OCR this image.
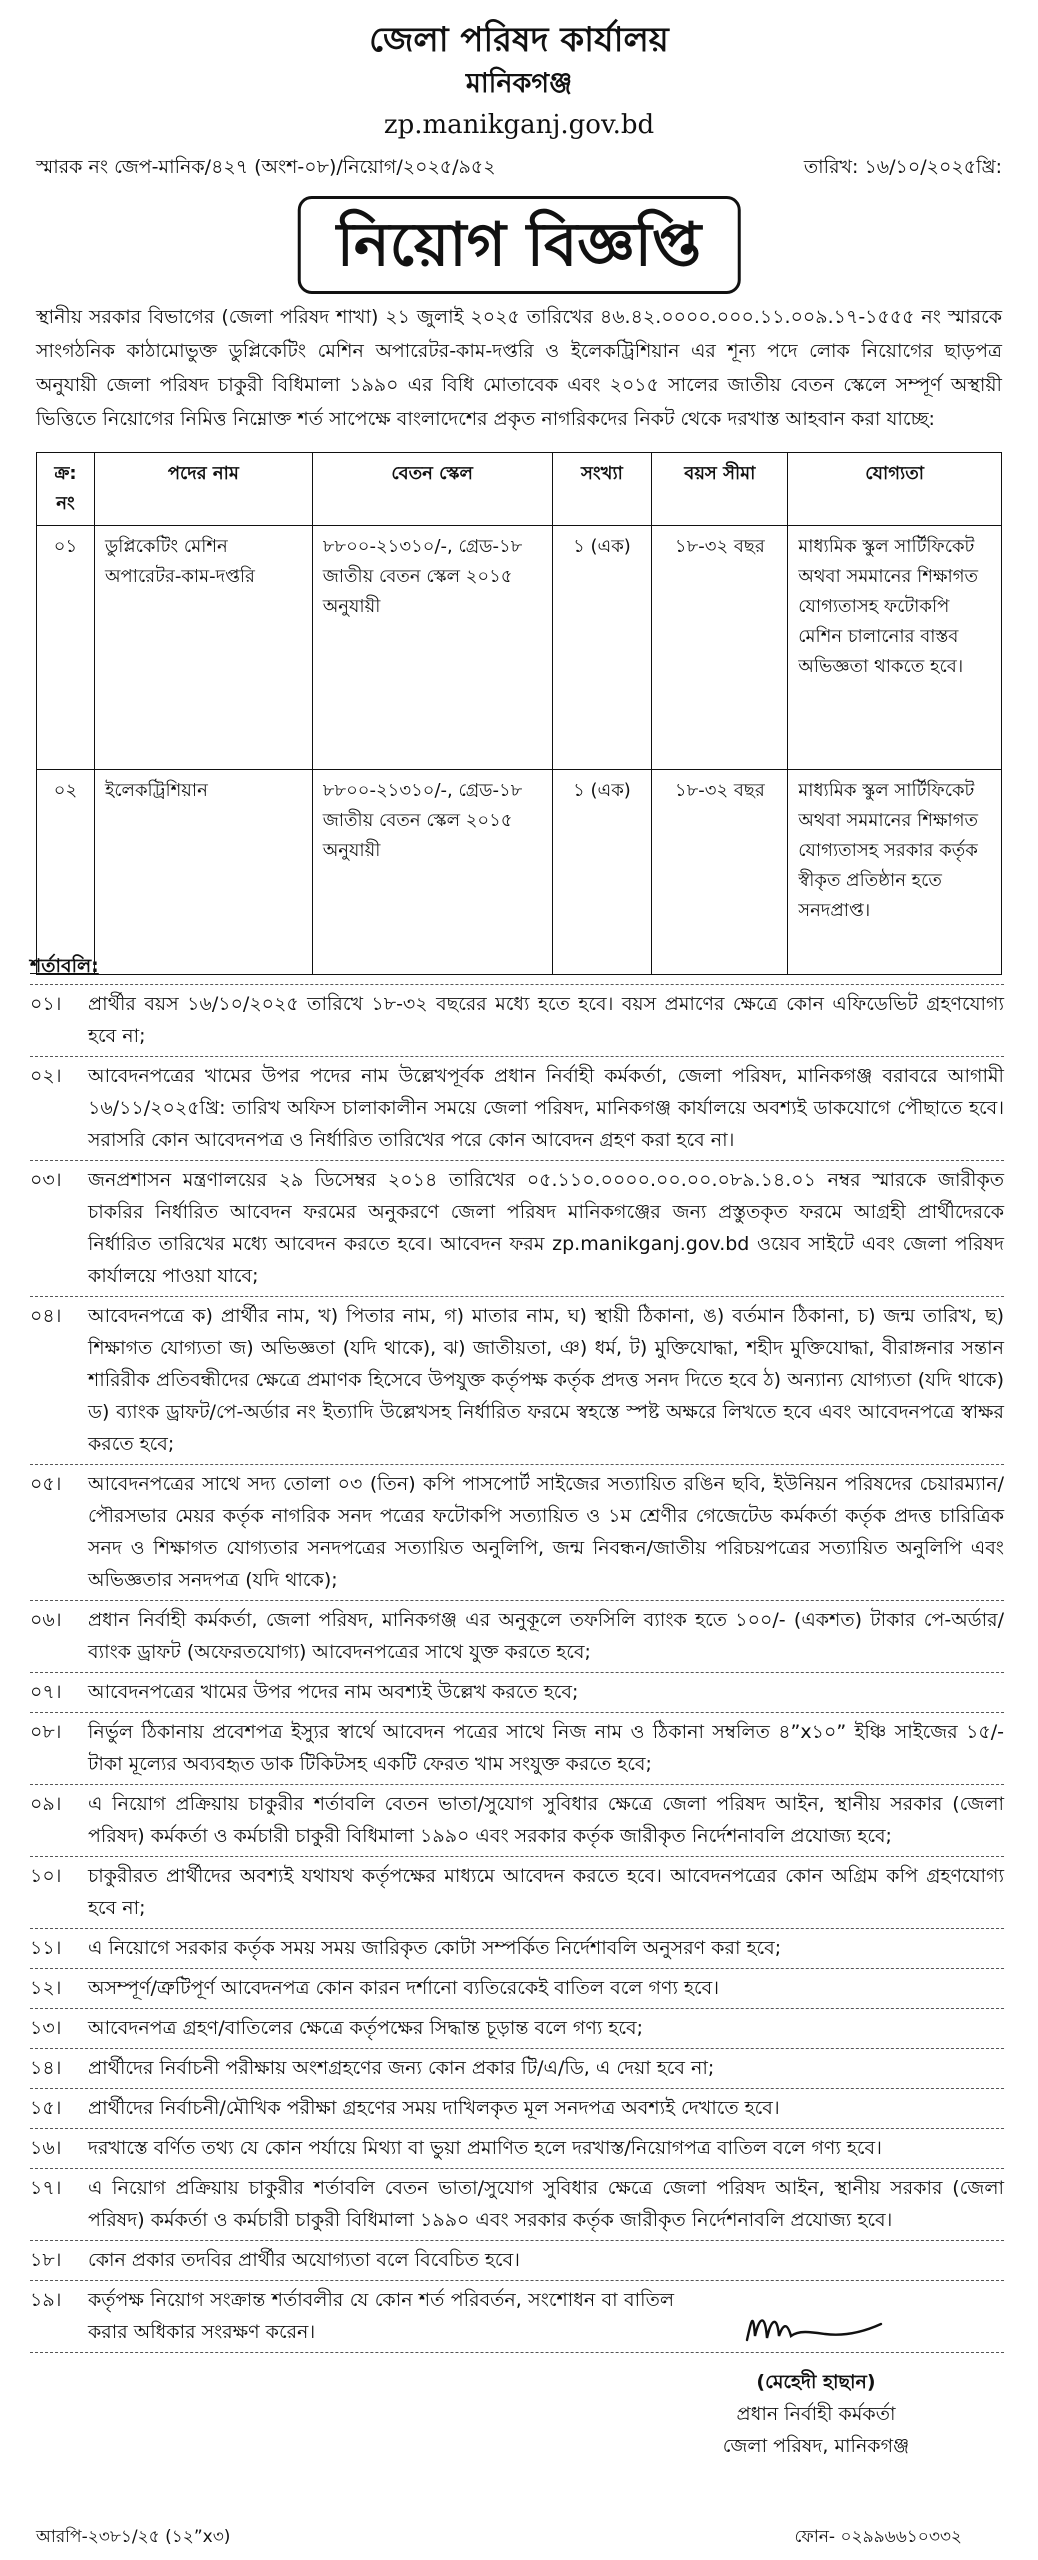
জেলা পরিষদ কার্যালয়
মানিকগঞ্জ
zp.manikganj.gov.bd
স্মারক নং জেপ-মানিক/৪২৭ (অংশ-০৮)/নিয়োগ/২০২৫/৯৫২	তারিখ: ১৬/১০/২০২৫খ্রি:
নিয়োগ বিজ্ঞপ্তি
স্থানীয় সরকার বিভাগের (জেলা পরিষদ শাখা) ২১ জুলাই ২০২৫ তারিখের ৪৬.৪২.০০০০.০০০.১১.০০৯.১৭-১৫৫৫ নং স্মারকে সাংগঠনিক কাঠামোভুক্ত ডুপ্লিকেটিং মেশিন অপারেটর-কাম-দপ্তরি ও ইলেকট্রিশিয়ান এর শূন্য পদে লোক নিয়োগের ছাড়পত্র অনুযায়ী জেলা পরিষদ চাকুরী বিধিমালা ১৯৯০ এর বিধি মোতাবেক এবং ২০১৫ সালের জাতীয় বেতন স্কেলে সম্পূর্ণ অস্থায়ী ভিত্তিতে নিয়োগের নিমিত্ত নিম্নোক্ত শর্ত সাপেক্ষে বাংলাদেশের প্রকৃত নাগরিকদের নিকট থেকে দরখাস্ত আহবান করা যাচ্ছে:
ক্র: নং	পদের নাম	বেতন স্কেল	সংখ্যা	বয়স সীমা	যোগ্যতা
০১	ডুপ্লিকেটিং মেশিন অপারেটর-কাম-দপ্তরি	৮৮০০-২১৩১০/-, গ্রেড-১৮ জাতীয় বেতন স্কেল ২০১৫ অনুযায়ী	১ (এক)	১৮-৩২ বছর	মাধ্যমিক স্কুল সার্টিফিকেট অথবা সমমানের শিক্ষাগত যোগ্যতাসহ ফটোকপি মেশিন চালানোর বাস্তব অভিজ্ঞতা থাকতে হবে।
০২	ইলেকট্রিশিয়ান	৮৮০০-২১৩১০/-, গ্রেড-১৮ জাতীয় বেতন স্কেল ২০১৫ অনুযায়ী	১ (এক)	১৮-৩২ বছর	মাধ্যমিক স্কুল সার্টিফিকেট অথবা সমমানের শিক্ষাগত যোগ্যতাসহ সরকার কর্তৃক স্বীকৃত প্রতিষ্ঠান হতে সনদপ্রাপ্ত।
শর্তাবলি:
০১।	প্রার্থীর বয়স ১৬/১০/২০২৫ তারিখে ১৮-৩২ বছরের মধ্যে হতে হবে। বয়স প্রমাণের ক্ষেত্রে কোন এফিডেভিট গ্রহণযোগ্য হবে না;
০২।	আবেদনপত্রের খামের উপর পদের নাম উল্লেখপূর্বক প্রধান নির্বাহী কর্মকর্তা, জেলা পরিষদ, মানিকগঞ্জ বরাবরে আগামী ১৬/১১/২০২৫খ্রি: তারিখ অফিস চালাকালীন সময়ে জেলা পরিষদ, মানিকগঞ্জ কার্যালয়ে অবশ্যই ডাকযোগে পৌছাতে হবে। সরাসরি কোন আবেদনপত্র ও নির্ধারিত তারিখের পরে কোন আবেদন গ্রহণ করা হবে না।
০৩।	জনপ্রশাসন মন্ত্রণালয়ের ২৯ ডিসেম্বর ২০১৪ তারিখের ০৫.১১০.০০০০.০০.০০.০৮৯.১৪.০১ নম্বর স্মারকে জারীকৃত চাকরির নির্ধারিত আবেদন ফরমের অনুকরণে জেলা পরিষদ মানিকগঞ্জের জন্য প্রস্তুতকৃত ফরমে আগ্রহী প্রার্থীদেরকে নির্ধারিত তারিখের মধ্যে আবেদন করতে হবে। আবেদন ফরম zp.manikganj.gov.bd ওয়েব সাইটে এবং জেলা পরিষদ কার্যালয়ে পাওয়া যাবে;
০৪।	আবেদনপত্রে ক) প্রার্থীর নাম, খ) পিতার নাম, গ) মাতার নাম, ঘ) স্থায়ী ঠিকানা, ঙ) বর্তমান ঠিকানা, চ) জন্ম তারিখ, ছ) শিক্ষাগত যোগ্যতা জ) অভিজ্ঞতা (যদি থাকে), ঝ) জাতীয়তা, ঞ) ধর্ম, ট) মুক্তিযোদ্ধা, শহীদ মুক্তিযোদ্ধা, বীরাঙ্গনার সন্তান শারিরীক প্রতিবন্ধীদের ক্ষেত্রে প্রমাণক হিসেবে উপযুক্ত কর্তৃপক্ষ কর্তৃক প্রদত্ত সনদ দিতে হবে ঠ) অন্যান্য যোগ্যতা (যদি থাকে) ড) ব্যাংক ড্রাফট/পে-অর্ডার নং ইত্যাদি উল্লেখসহ নির্ধারিত ফরমে স্বহস্তে স্পষ্ট অক্ষরে লিখতে হবে এবং আবেদনপত্রে স্বাক্ষর করতে হবে;
০৫।	আবেদনপত্রের সাথে সদ্য তোলা ০৩ (তিন) কপি পাসপোর্ট সাইজের সত্যায়িত রঙিন ছবি, ইউনিয়ন পরিষদের চেয়ারম্যান/পৌরসভার মেয়র কর্তৃক নাগরিক সনদ পত্রের ফটোকপি সত্যায়িত ও ১ম শ্রেণীর গেজেটেড কর্মকর্তা কর্তৃক প্রদত্ত চারিত্রিক সনদ ও শিক্ষাগত যোগ্যতার সনদপত্রের সত্যায়িত অনুলিপি, জন্ম নিবন্ধন/জাতীয় পরিচয়পত্রের সত্যায়িত অনুলিপি এবং অভিজ্ঞতার সনদপত্র (যদি থাকে);
০৬।	প্রধান নির্বাহী কর্মকর্তা, জেলা পরিষদ, মানিকগঞ্জ এর অনুকূলে তফসিলি ব্যাংক হতে ১০০/- (একশত) টাকার পে-অর্ডার/ব্যাংক ড্রাফট (অফেরতযোগ্য) আবেদনপত্রের সাথে যুক্ত করতে হবে;
০৭।	আবেদনপত্রের খামের উপর পদের নাম অবশ্যই উল্লেখ করতে হবে;
০৮।	নির্ভুল ঠিকানায় প্রবেশপত্র ইস্যুর স্বার্থে আবেদন পত্রের সাথে নিজ নাম ও ঠিকানা সম্বলিত ৪”x১০” ইঞ্চি সাইজের ১৫/- টাকা মূল্যের অব্যবহৃত ডাক টিকিটসহ একটি ফেরত খাম সংযুক্ত করতে হবে;
০৯।	এ নিয়োগ প্রক্রিয়ায় চাকুরীর শর্তাবলি বেতন ভাতা/সুযোগ সুবিধার ক্ষেত্রে জেলা পরিষদ আইন, স্থানীয় সরকার (জেলা পরিষদ) কর্মকর্তা ও কর্মচারী চাকুরী বিধিমালা ১৯৯০ এবং সরকার কর্তৃক জারীকৃত নির্দেশনাবলি প্রযোজ্য হবে;
১০।	চাকুরীরত প্রার্থীদের অবশ্যই যথাযথ কর্তৃপক্ষের মাধ্যমে আবেদন করতে হবে। আবেদনপত্রের কোন অগ্রিম কপি গ্রহণযোগ্য হবে না;
১১।	এ নিয়োগে সরকার কর্তৃক সময় সময় জারিকৃত কোটা সম্পর্কিত নির্দেশাবলি অনুসরণ করা হবে;
১২।	অসম্পূর্ণ/ত্রুটিপূর্ণ আবেদনপত্র কোন কারন দর্শানো ব্যতিরেকেই বাতিল বলে গণ্য হবে।
১৩।	আবেদনপত্র গ্রহণ/বাতিলের ক্ষেত্রে কর্তৃপক্ষের সিদ্ধান্ত চূড়ান্ত বলে গণ্য হবে;
১৪।	প্রার্থীদের নির্বাচনী পরীক্ষায় অংশগ্রহণের জন্য কোন প্রকার টি/এ/ডি, এ দেয়া হবে না;
১৫।	প্রার্থীদের নির্বাচনী/মৌখিক পরীক্ষা গ্রহণের সময় দাখিলকৃত মূল সনদপত্র অবশ্যই দেখাতে হবে।
১৬।	দরখাস্তে বর্ণিত তথ্য যে কোন পর্যায়ে মিথ্যা বা ভুয়া প্রমাণিত হলে দরখাস্ত/নিয়োগপত্র বাতিল বলে গণ্য হবে।
১৭।	এ নিয়োগ প্রক্রিয়ায় চাকুরীর শর্তাবলি বেতন ভাতা/সুযোগ সুবিধার ক্ষেত্রে জেলা পরিষদ আইন, স্থানীয় সরকার (জেলা পরিষদ) কর্মকর্তা ও কর্মচারী চাকুরী বিধিমালা ১৯৯০ এবং সরকার কর্তৃক জারীকৃত নির্দেশনাবলি প্রযোজ্য হবে।
১৮।	কোন প্রকার তদবির প্রার্থীর অযোগ্যতা বলে বিবেচিত হবে।
১৯।	কর্তৃপক্ষ নিয়োগ সংক্রান্ত শর্তাবলীর যে কোন শর্ত পরিবর্তন, সংশোধন বা বাতিল করার অধিকার সংরক্ষণ করেন।
(মেহেদী হাছান)
প্রধান নির্বাহী কর্মকর্তা
জেলা পরিষদ, মানিকগঞ্জ
আরপি-২৩৮১/২৫ (১২”x৩)	ফোন- ০২৯৯৬৬১০৩৩২
